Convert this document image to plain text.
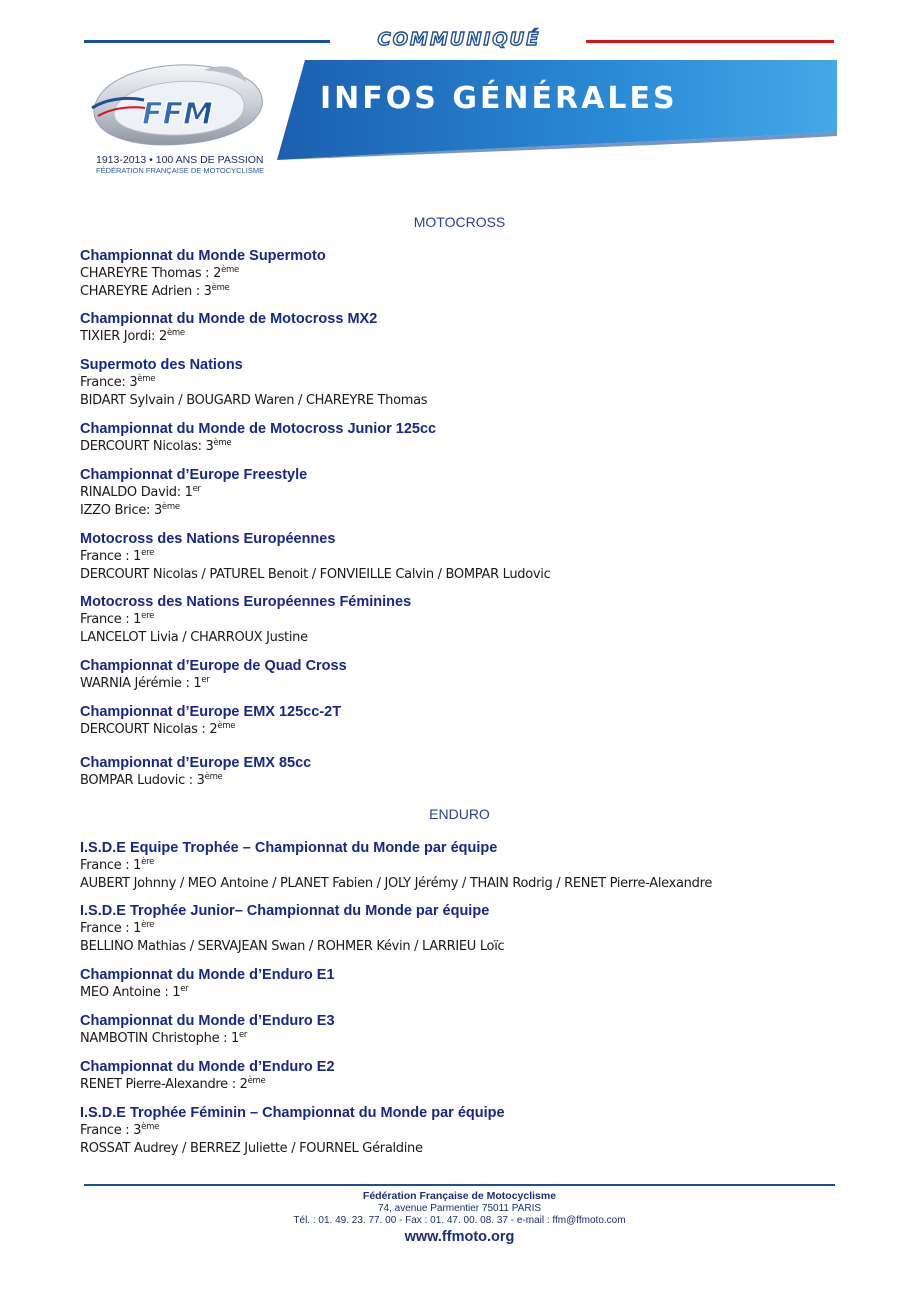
COMMUNIQUÉ
FFM
1913-2013 • 100 ANS DE PASSION
FÉDÉRATION FRANÇAISE DE MOTOCYCLISME
INFOS GÉNÉRALES
MOTOCROSS
Championnat du Monde Supermoto
CHAREYRE Thomas : 2ème
CHAREYRE Adrien : 3ème
Championnat du Monde de Motocross MX2
TIXIER Jordi: 2ème
Supermoto des Nations
France: 3ème
BIDART Sylvain / BOUGARD Waren / CHAREYRE Thomas
Championnat du Monde de Motocross Junior 125cc
DERCOURT Nicolas: 3ème
Championnat d’Europe Freestyle
RINALDO David: 1er
IZZO Brice: 3ème
Motocross des Nations Européennes
France : 1ere
DERCOURT Nicolas / PATUREL Benoit / FONVIEILLE Calvin / BOMPAR Ludovic
Motocross des Nations Européennes Féminines
France : 1ere
LANCELOT Livia / CHARROUX Justine
Championnat d’Europe de Quad Cross
WARNIA Jérémie : 1er
Championnat d’Europe EMX 125cc-2T
DERCOURT Nicolas : 2ème
Championnat d’Europe EMX 85cc
BOMPAR Ludovic : 3ème
ENDURO
I.S.D.E Equipe Trophée – Championnat du Monde par équipe
France : 1ère
AUBERT Johnny / MEO Antoine / PLANET Fabien / JOLY Jérémy / THAIN Rodrig / RENET Pierre-Alexandre
I.S.D.E Trophée Junior– Championnat du Monde par équipe
France : 1ère
BELLINO Mathias / SERVAJEAN Swan / ROHMER Kévin / LARRIEU Loïc
Championnat du Monde d’Enduro E1
MEO Antoine : 1er
Championnat du Monde d’Enduro E3
NAMBOTIN Christophe : 1er
Championnat du Monde d’Enduro E2
RENET Pierre-Alexandre : 2ème
I.S.D.E Trophée Féminin – Championnat du Monde par équipe
France : 3ème
ROSSAT Audrey / BERREZ Juliette / FOURNEL Géraldine
Fédération Française de Motocyclisme
74, avenue Parmentier 75011 PARIS
Tél. : 01. 49. 23. 77. 00 - Fax : 01. 47. 00. 08. 37 - e-mail : ffm@ffmoto.com
www.ffmoto.org
